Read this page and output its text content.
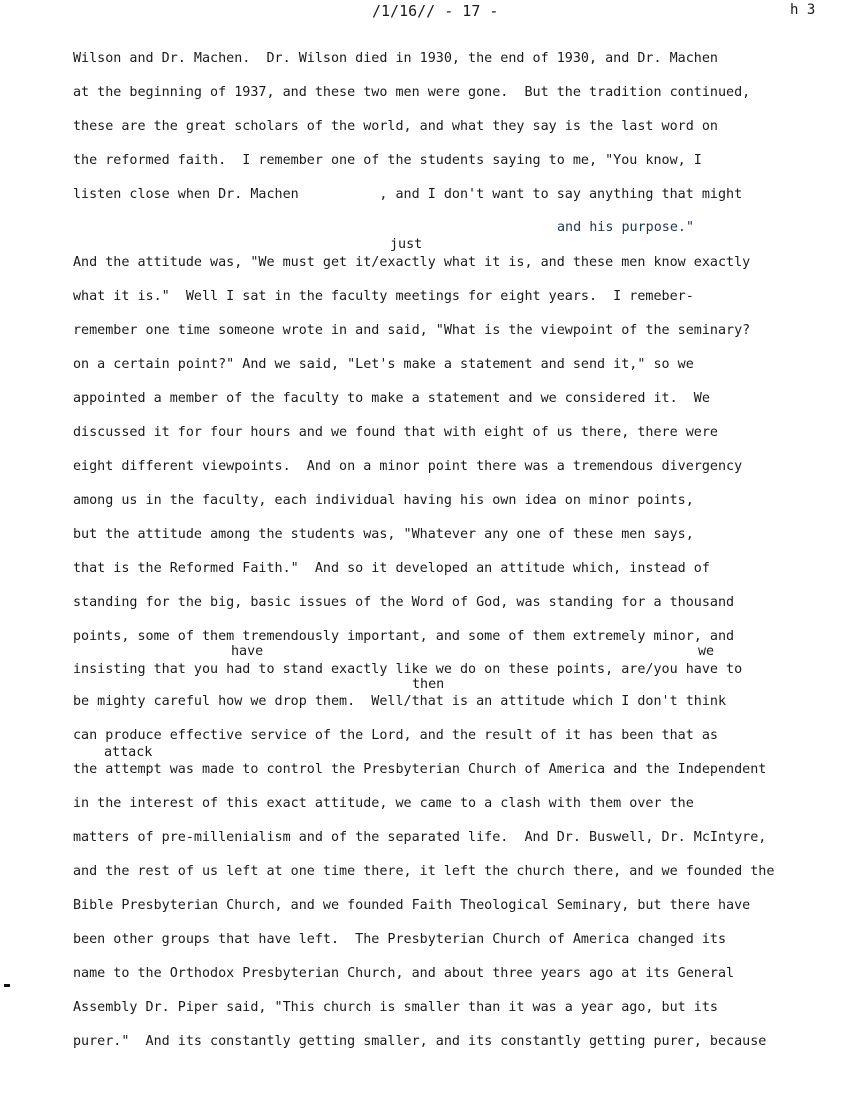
/1/16// - 17 -	h 3
Wilson and Dr. Machen.  Dr. Wilson died in 1930, the end of 1930, and Dr. Machen
at the beginning of 1937, and these two men were gone.  But the tradition continued,
these are the great scholars of the world, and what they say is the last word on
the reformed faith.  I remember one of the students saying to me, "You know, I
listen close when Dr. Machen          , and I don't want to say anything that might
and his purpose."
just
And the attitude was, "We must get it/exactly what it is, and these men know exactly
what it is."  Well I sat in the faculty meetings for eight years.  I remeber-
remember one time someone wrote in and said, "What is the viewpoint of the seminary?
on a certain point?" And we said, "Let's make a statement and send it," so we
appointed a member of the faculty to make a statement and we considered it.  We
discussed it for four hours and we found that with eight of us there, there were
eight different viewpoints.  And on a minor point there was a tremendous divergency
among us in the faculty, each individual having his own idea on minor points,
but the attitude among the students was, "Whatever any one of these men says,
that is the Reformed Faith."  And so it developed an attitude which, instead of
standing for the big, basic issues of the Word of God, was standing for a thousand
points, some of them tremendously important, and some of them extremely minor, and
have	we
insisting that you had to stand exactly like we do on these points, are/you have to
then
be mighty careful how we drop them.  Well/that is an attitude which I don't think
can produce effective service of the Lord, and the result of it has been that as
attack
the attempt was made to control the Presbyterian Church of America and the Independent
in the interest of this exact attitude, we came to a clash with them over the
matters of pre-millenialism and of the separated life.  And Dr. Buswell, Dr. McIntyre,
and the rest of us left at one time there, it left the church there, and we founded the
Bible Presbyterian Church, and we founded Faith Theological Seminary, but there have
been other groups that have left.  The Presbyterian Church of America changed its
name to the Orthodox Presbyterian Church, and about three years ago at its General
Assembly Dr. Piper said, "This church is smaller than it was a year ago, but its
purer."  And its constantly getting smaller, and its constantly getting purer, because
